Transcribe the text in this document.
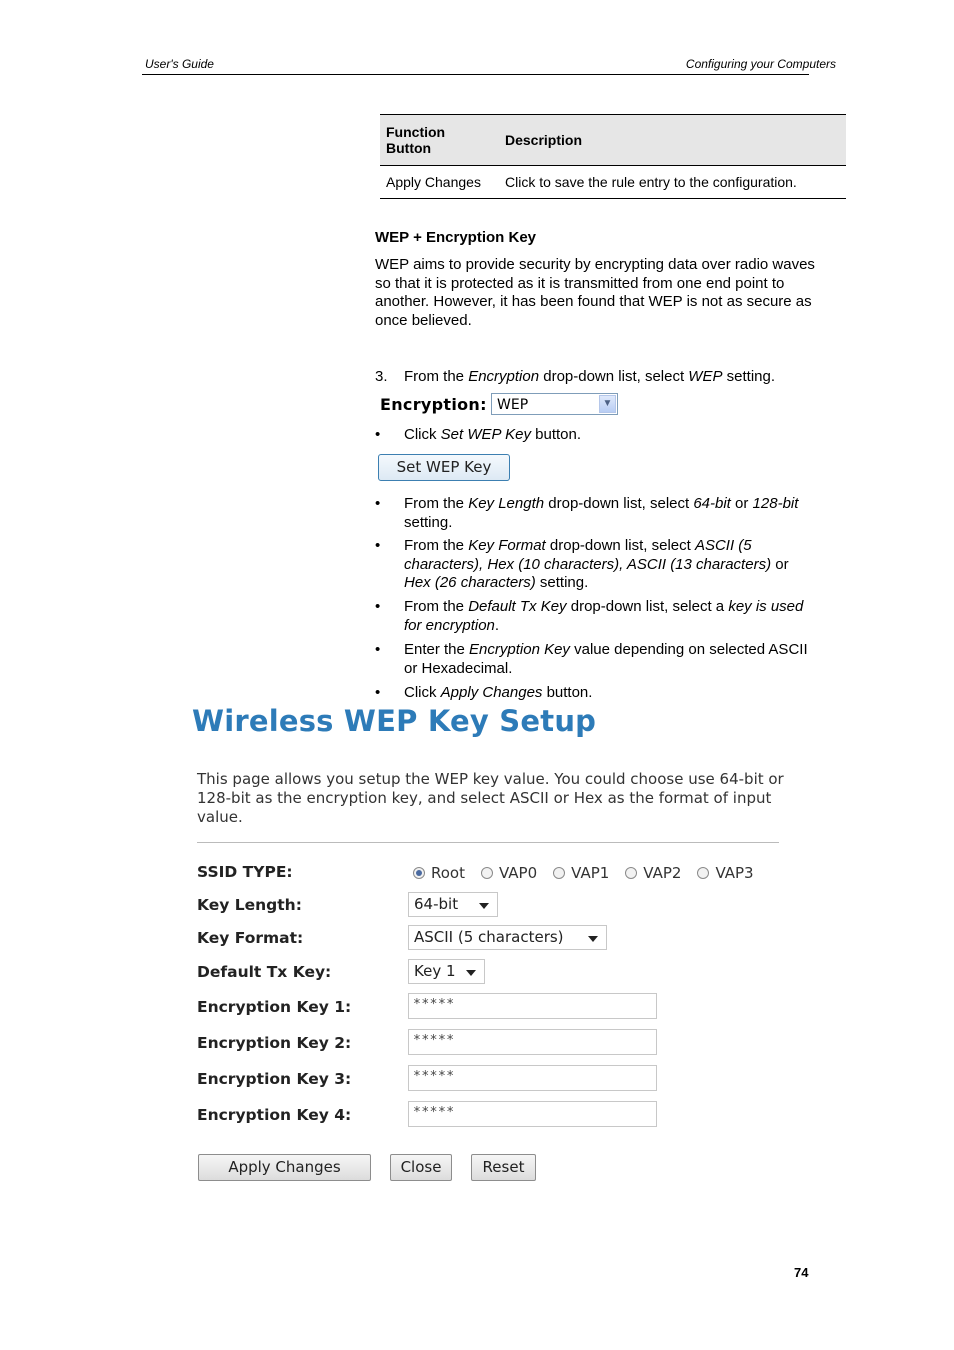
User's Guide	Configuring your Computers
Function Button	Description
Apply Changes	Click to save the rule entry to the configuration.
WEP + Encryption Key
WEP aims to provide security by encrypting data over radio waves so that it is protected as it is transmitted from one end point to another. However, it has been found that WEP is not as secure as once believed.
3. From the Encryption drop-down list, select WEP setting.
Encryption: WEP	▼
• Click Set WEP Key button.
Set WEP Key
• From the Key Length drop-down list, select 64-bit or 128-bit setting.
• From the Key Format drop-down list, select ASCII (5 characters), Hex (10 characters), ASCII (13 characters) or Hex (26 characters) setting.
• From the Default Tx Key drop-down list, select a key is used for encryption.
• Enter the Encryption Key value depending on selected ASCII or Hexadecimal.
• Click Apply Changes button.
Wireless WEP Key Setup
This page allows you setup the WEP key value. You could choose use 64-bit or 128-bit as the encryption key, and select ASCII or Hex as the format of input value.
SSID TYPE:	Root VAP0 VAP1 VAP2 VAP3
Key Length:	64-bit
Key Format:	ASCII (5 characters)
Default Tx Key:	Key 1
Encryption Key 1:	*****
Encryption Key 2:	*****
Encryption Key 3:	*****
Encryption Key 4:	*****
Apply Changes	Close	Reset
74
